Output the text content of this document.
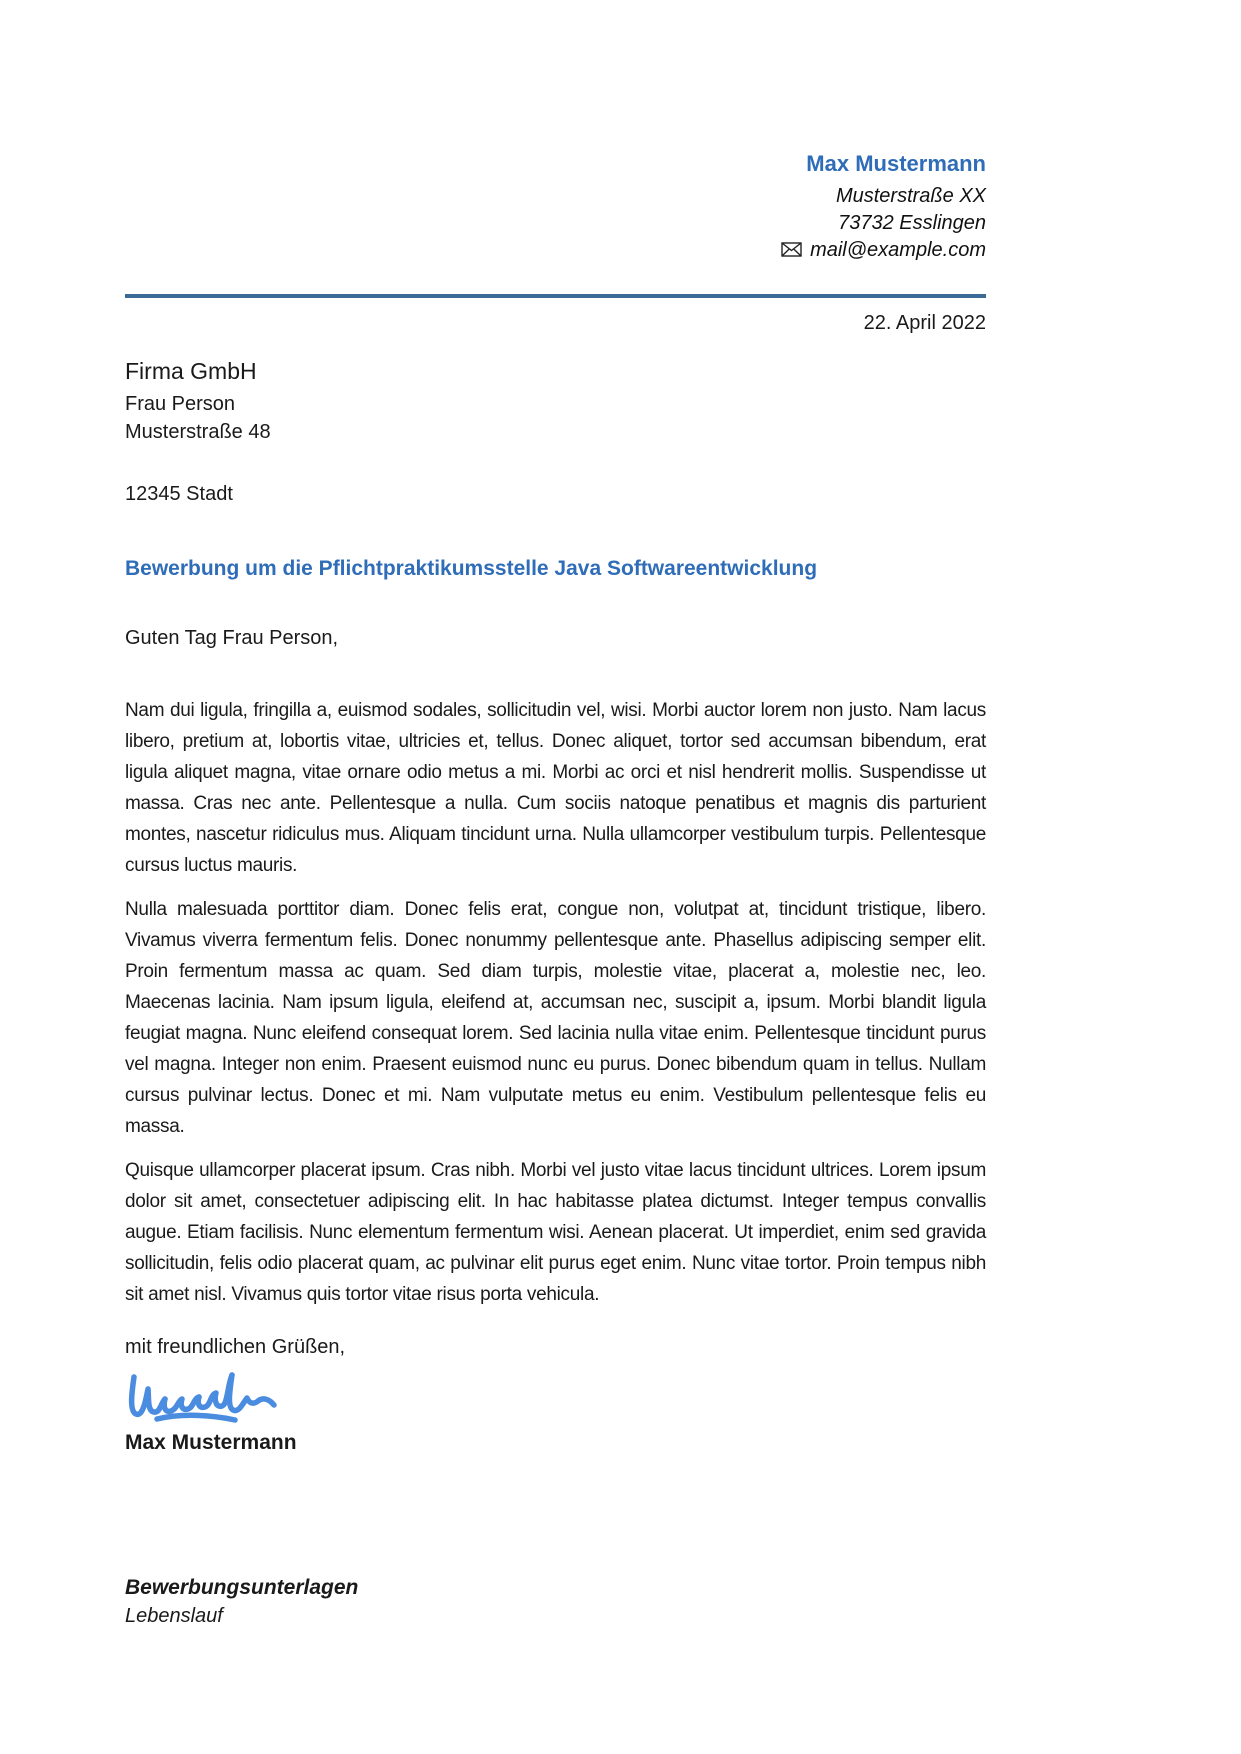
Max Mustermann
Musterstraße XX
73732 Esslingen
mail@example.com
22. April 2022
Firma GmbH
Frau Person
Musterstraße 48
12345 Stadt
Bewerbung um die Pflichtpraktikumsstelle Java Softwareentwicklung
Guten Tag Frau Person,

Nam dui ligula, fringilla a, euismod sodales, sollicitudin vel, wisi. Morbi auctor lorem non justo. Nam lacus libero, pretium at, lobortis vitae, ultricies et, tellus. Donec aliquet, tortor sed accumsan bibendum, erat ligula aliquet magna, vitae ornare odio metus a mi. Morbi ac orci et nisl hendrerit mollis. Suspendisse ut massa. Cras nec ante. Pellentesque a nulla. Cum sociis natoque penatibus et magnis dis parturient montes, nascetur ridiculus mus. Aliquam tincidunt urna. Nulla ullamcorper vestibulum turpis. Pellentesque cursus luctus mauris.

Nulla malesuada porttitor diam. Donec felis erat, congue non, volutpat at, tincidunt tristique, libero. Vivamus viverra fermentum felis. Donec nonummy pellentesque ante. Phasellus adipiscing semper elit. Proin fermentum massa ac quam. Sed diam turpis, molestie vitae, placerat a, molestie nec, leo. Maecenas lacinia. Nam ipsum ligula, eleifend at, accumsan nec, suscipit a, ipsum. Morbi blandit ligula feugiat magna. Nunc eleifend consequat lorem. Sed lacinia nulla vitae enim. Pellentesque tincidunt purus vel magna. Integer non enim. Praesent euismod nunc eu purus. Donec bibendum quam in tellus. Nullam cursus pulvinar lectus. Donec et mi. Nam vulputate metus eu enim. Vestibulum pellentesque felis eu massa.

Quisque ullamcorper placerat ipsum. Cras nibh. Morbi vel justo vitae lacus tincidunt ultrices. Lorem ipsum dolor sit amet, consectetuer adipiscing elit. In hac habitasse platea dictumst. Integer tempus convallis augue. Etiam facilisis. Nunc elementum fermentum wisi. Aenean placerat. Ut imperdiet, enim sed gravida sollicitudin, felis odio placerat quam, ac pulvinar elit purus eget enim. Nunc vitae tortor. Proin tempus nibh sit amet nisl. Vivamus quis tortor vitae risus porta vehicula.

mit freundlichen Grüßen,
Max Mustermann
Bewerbungsunterlagen
Lebenslauf
